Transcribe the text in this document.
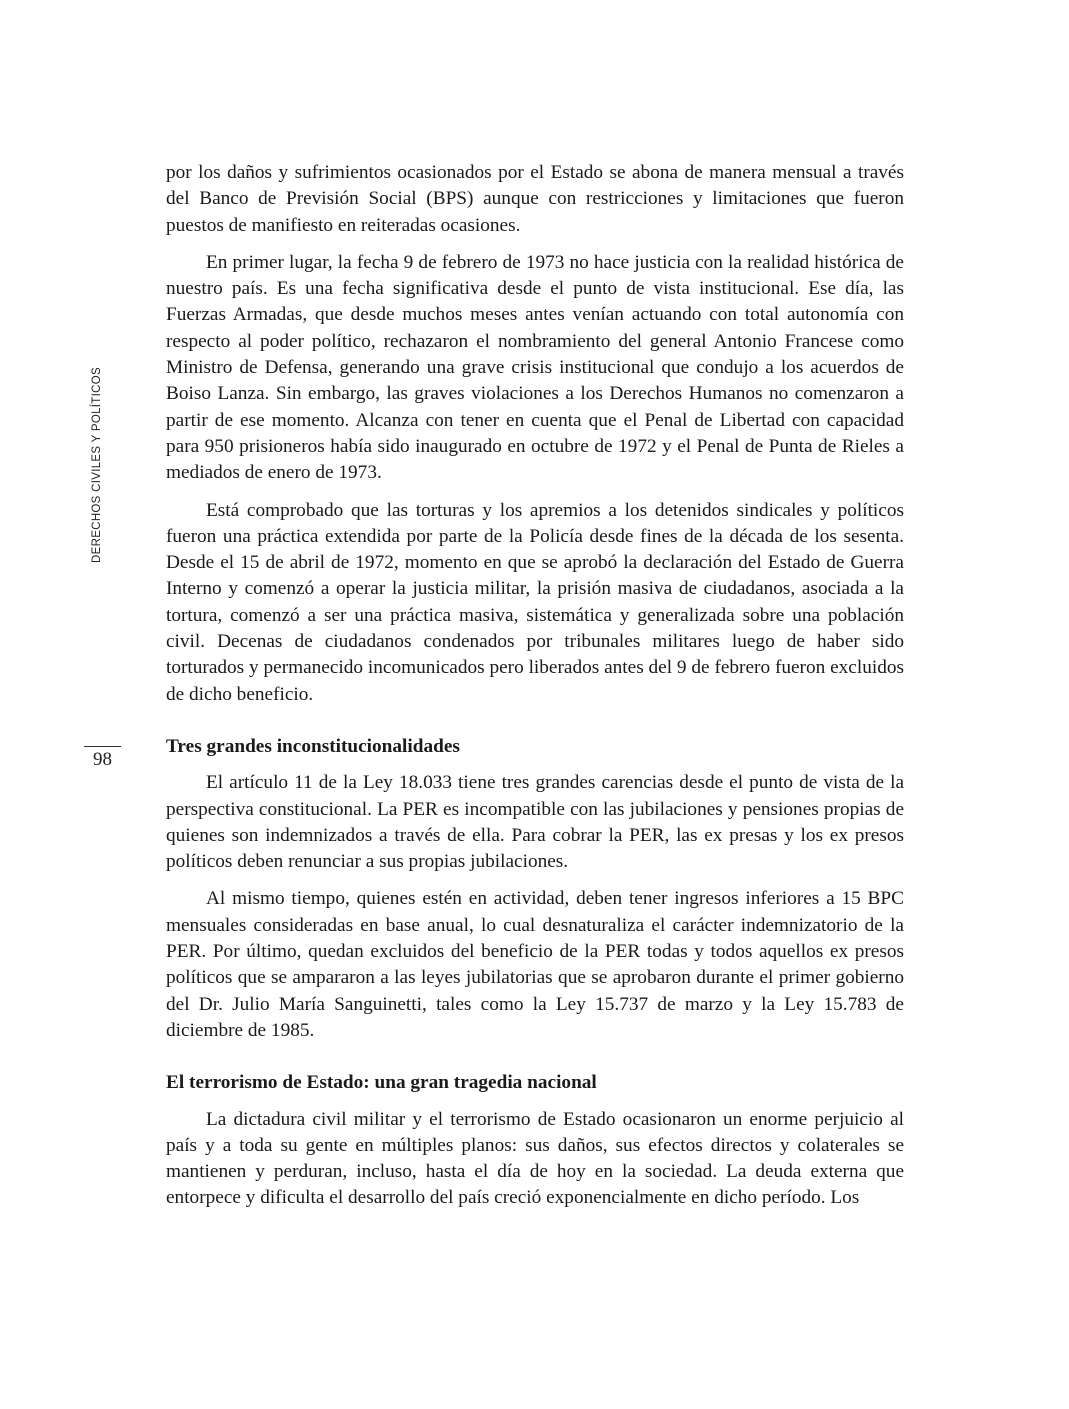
DERECHOS CIVILES Y POLÍTICOS
98

por los daños y sufrimientos ocasionados por el Estado se abona de manera mensual a través del Banco de Previsión Social (BPS) aunque con restricciones y limitaciones que fueron puestos de manifiesto en reiteradas ocasiones.

En primer lugar, la fecha 9 de febrero de 1973 no hace justicia con la realidad histórica de nuestro país. Es una fecha significativa desde el punto de vista institucional. Ese día, las Fuerzas Armadas, que desde muchos meses antes venían actuando con total autonomía con respecto al poder político, rechazaron el nombramiento del general Antonio Francese como Ministro de Defensa, generando una grave crisis institucional que condujo a los acuerdos de Boiso Lanza. Sin embargo, las graves violaciones a los Derechos Humanos no comenzaron a partir de ese momento. Alcanza con tener en cuenta que el Penal de Libertad con capacidad para 950 prisioneros había sido inaugurado en octubre de 1972 y el Penal de Punta de Rieles a mediados de enero de 1973.

Está comprobado que las torturas y los apremios a los detenidos sindicales y políticos fueron una práctica extendida por parte de la Policía desde fines de la década de los sesenta. Desde el 15 de abril de 1972, momento en que se aprobó la declaración del Estado de Guerra Interno y comenzó a operar la justicia militar, la prisión masiva de ciudadanos, asociada a la tortura, comenzó a ser una práctica masiva, sistemática y generalizada sobre una población civil. Decenas de ciudadanos condenados por tribunales militares luego de haber sido torturados y permanecido incomunicados pero liberados antes del 9 de febrero fueron excluidos de dicho beneficio.

Tres grandes inconstitucionalidades

El artículo 11 de la Ley 18.033 tiene tres grandes carencias desde el punto de vista de la perspectiva constitucional. La PER es incompatible con las jubilaciones y pensiones propias de quienes son indemnizados a través de ella. Para cobrar la PER, las ex presas y los ex presos políticos deben renunciar a sus propias jubilaciones.

Al mismo tiempo, quienes estén en actividad, deben tener ingresos inferiores a 15 BPC mensuales consideradas en base anual, lo cual desnaturaliza el carácter indemnizatorio de la PER. Por último, quedan excluidos del beneficio de la PER todas y todos aquellos ex presos políticos que se ampararon a las leyes jubilatorias que se aprobaron durante el primer gobierno del Dr. Julio María Sanguinetti, tales como la Ley 15.737 de marzo y la Ley 15.783 de diciembre de 1985.

El terrorismo de Estado: una gran tragedia nacional

La dictadura civil militar y el terrorismo de Estado ocasionaron un enorme perjuicio al país y a toda su gente en múltiples planos: sus daños, sus efectos directos y colaterales se mantienen y perduran, incluso, hasta el día de hoy en la sociedad. La deuda externa que entorpece y dificulta el desarrollo del país creció exponencialmente en dicho período. Los
